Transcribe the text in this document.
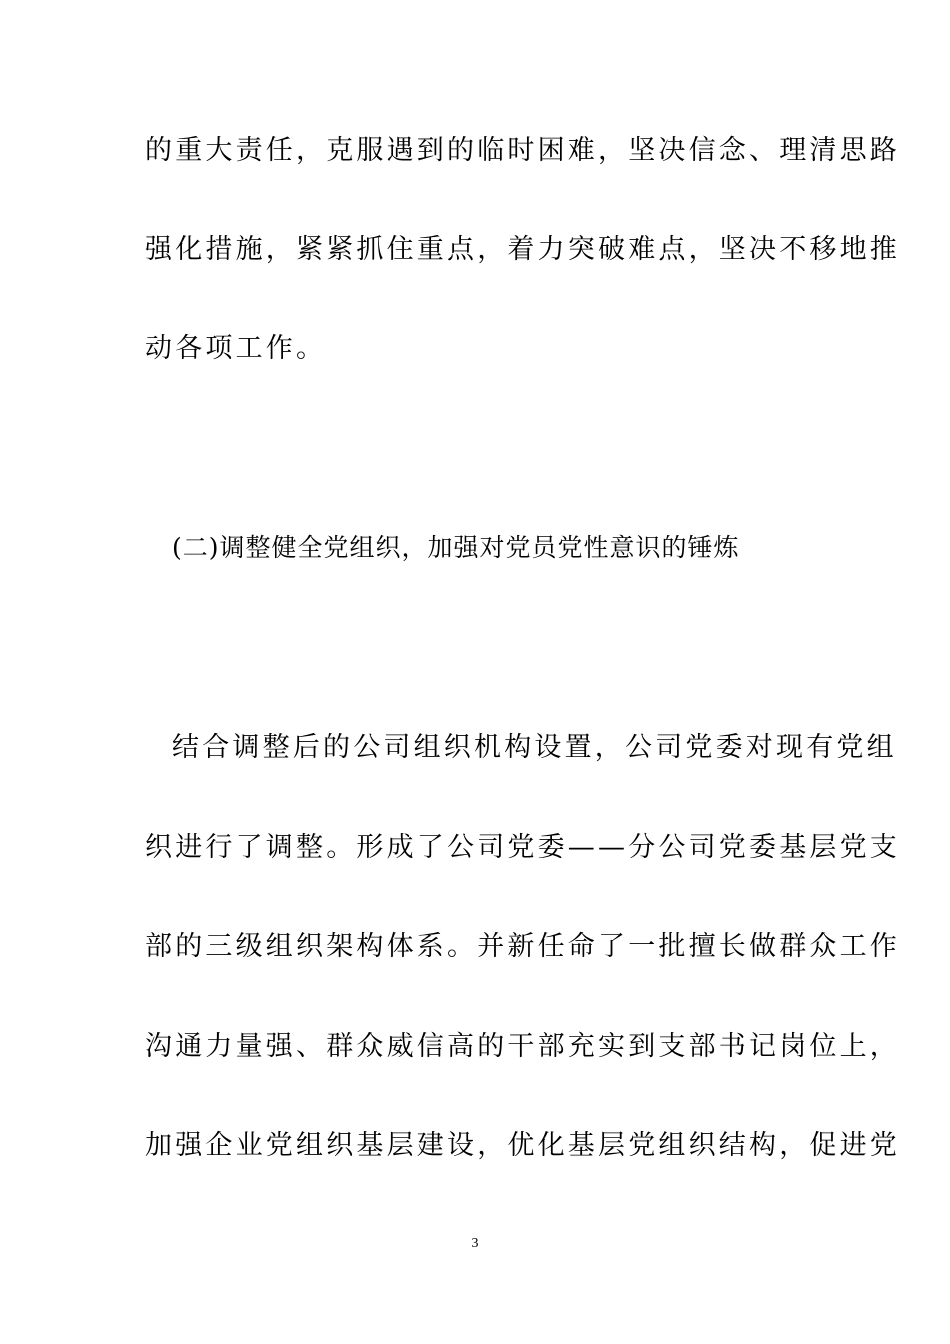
的重大责任，克服遇到的临时困难，坚决信念、理清思路
强化措施，紧紧抓住重点，着力突破难点，坚决不移地推
动各项工作。
(二)调整健全党组织，加强对党员党性意识的锤炼
结合调整后的公司组织机构设置，公司党委对现有党组
织进行了调整。形成了公司党委——分公司党委基层党支
部的三级组织架构体系。并新任命了一批擅长做群众工作
沟通力量强、群众威信高的干部充实到支部书记岗位上，
加强企业党组织基层建设，优化基层党组织结构，促进党
3
